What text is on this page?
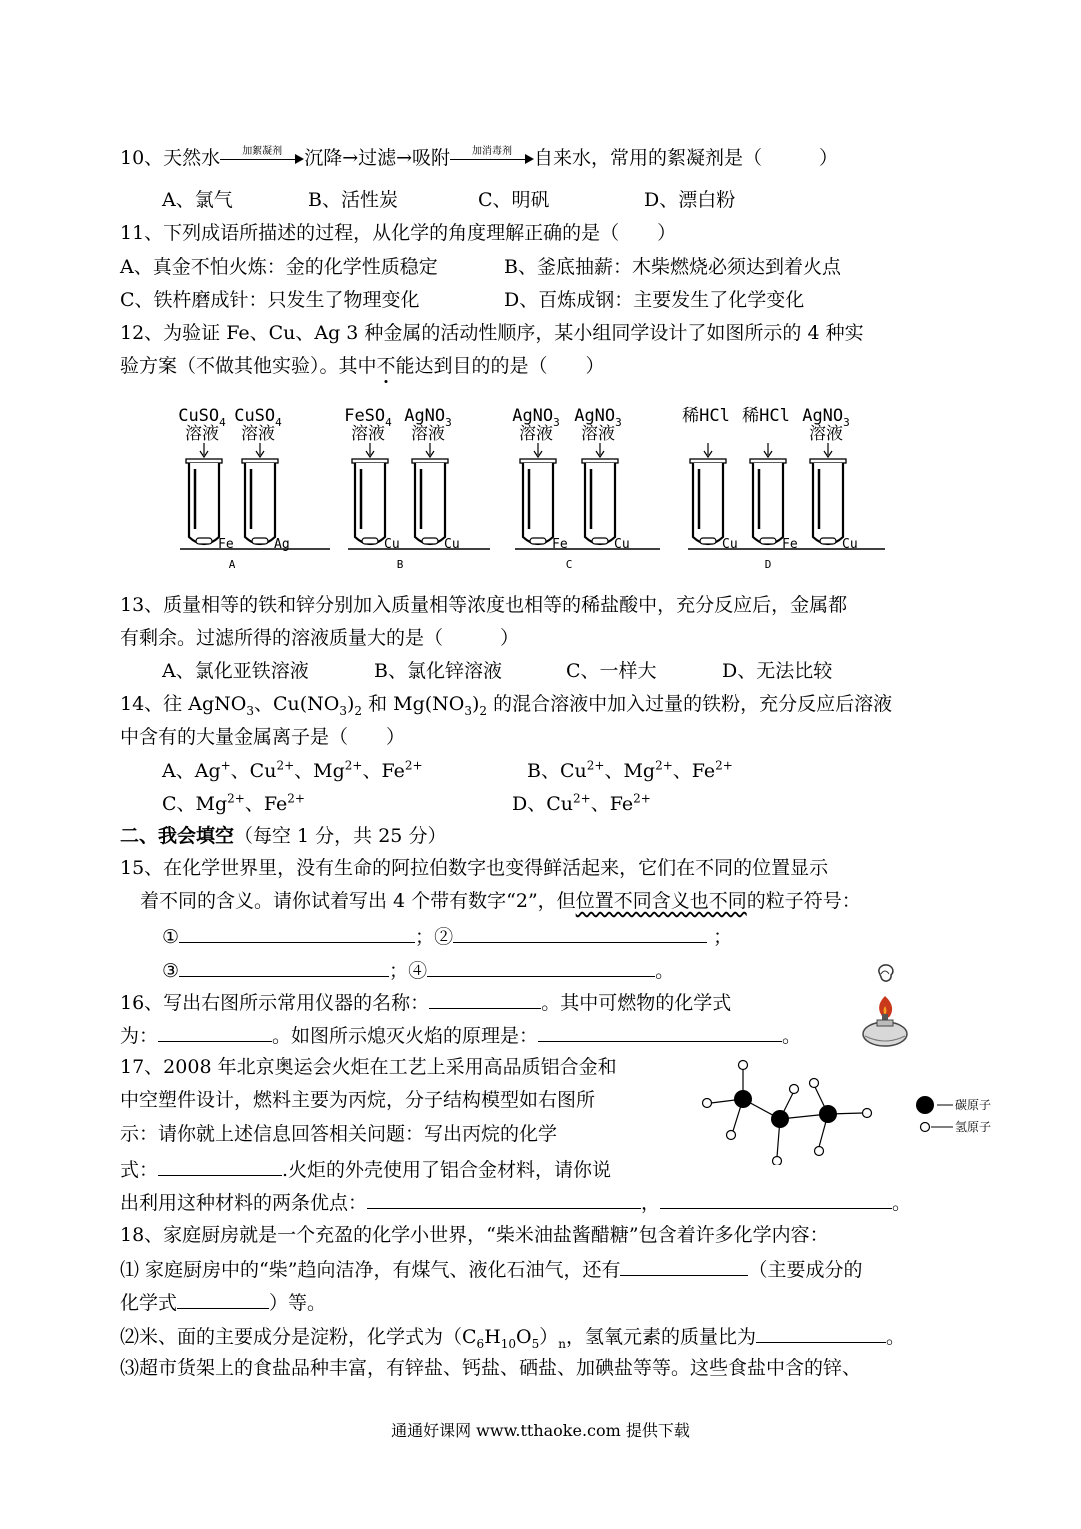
10、天然水	加絮凝剂	沉降→过滤→吸附	加消毒剂	自来水，常用的絮凝剂是（　　　）
A、氯气	B、活性炭	C、明矾	D、漂白粉
11、下列成语所描述的过程，从化学的角度理解正确的是（　　）
A、真金不怕火炼：金的化学性质稳定	B、釜底抽薪：木柴燃烧必须达到着火点
C、铁杵磨成针：只发生了物理变化	D、百炼成钢：主要发生了化学变化
12、为验证 Fe、Cu、Ag 3 种金属的活动性顺序，某小组同学设计了如图所示的 4 种实
验方案（不做其他实验）。其中不能达到目的的是（　　）
CuSO$_4$
溶液
Fe
CuSO$_4$
溶液
Ag
A
FeSO$_4$
溶液
Cu
AgNO$_3$
溶液
Cu
B
AgNO$_3$
溶液
Fe
AgNO$_3$
溶液
Cu
C
稀HCl
Cu
稀HCl
Fe
AgNO$_3$
溶液
Cu
D
13、质量相等的铁和锌分别加入质量相等浓度也相等的稀盐酸中，充分反应后，金属都
有剩余。过滤所得的溶液质量大的是（　　　）
A、氯化亚铁溶液	B、氯化锌溶液	C、一样大	D、无法比较
14、往 AgNO$_3$、$Cu(NO_3)_2$ 和 $Mg(NO_3)_2$ 的混合溶液中加入过量的铁粉，充分反应后溶液
中含有的大量金属离子是（　　）
A、Ag+、$Cu^{2+}$、$Mg^{2+}$、$Fe^{2+}$	B、$Cu^{2+}$、$Mg^{2+}$、$Fe^{2+}$
C、$Mg^{2+}$、$Fe^{2+}$	D、$Cu^{2+}$、$Fe^{2+}$
二、我会填空（每空 1 分，共 25 分）
15、在化学世界里，没有生命的阿拉伯数字也变得鲜活起来，它们在不同的位置显示
着不同的含义。请你试着写出 4 个带有数字“2”，但位置不同含义也不同的粒子符号：
①	；②	；
③	；④	。
16、写出右图所示常用仪器的名称：	。其中可燃物的化学式
为：	。如图所示熄灭火焰的原理是：	。
17、2008 年北京奥运会火炬在工艺上采用高品质铝合金和
中空塑件设计，燃料主要为丙烷，分子结构模型如右图所
示：请你就上述信息回答相关问题：写出丙烷的化学
式：	.火炬的外壳使用了铝合金材料，请你说
出利用这种材料的两条优点：	，	。
碳原子
氢原子
18、家庭厨房就是一个充盈的化学小世界，“柴米油盐酱醋糖”包含着许多化学内容：
⑴ 家庭厨房中的“柴”趋向洁净，有煤气、液化石油气，还有	（主要成分的
化学式	）等。
⑵米、面的主要成分是淀粉，化学式为$(C_6H_{10}O_5)_n$，氢氧元素的质量比为	。
⑶超市货架上的食盐品种丰富，有锌盐、钙盐、硒盐、加碘盐等等。这些食盐中含的锌、
通通好课网 www.tthaoke.com 提供下载
